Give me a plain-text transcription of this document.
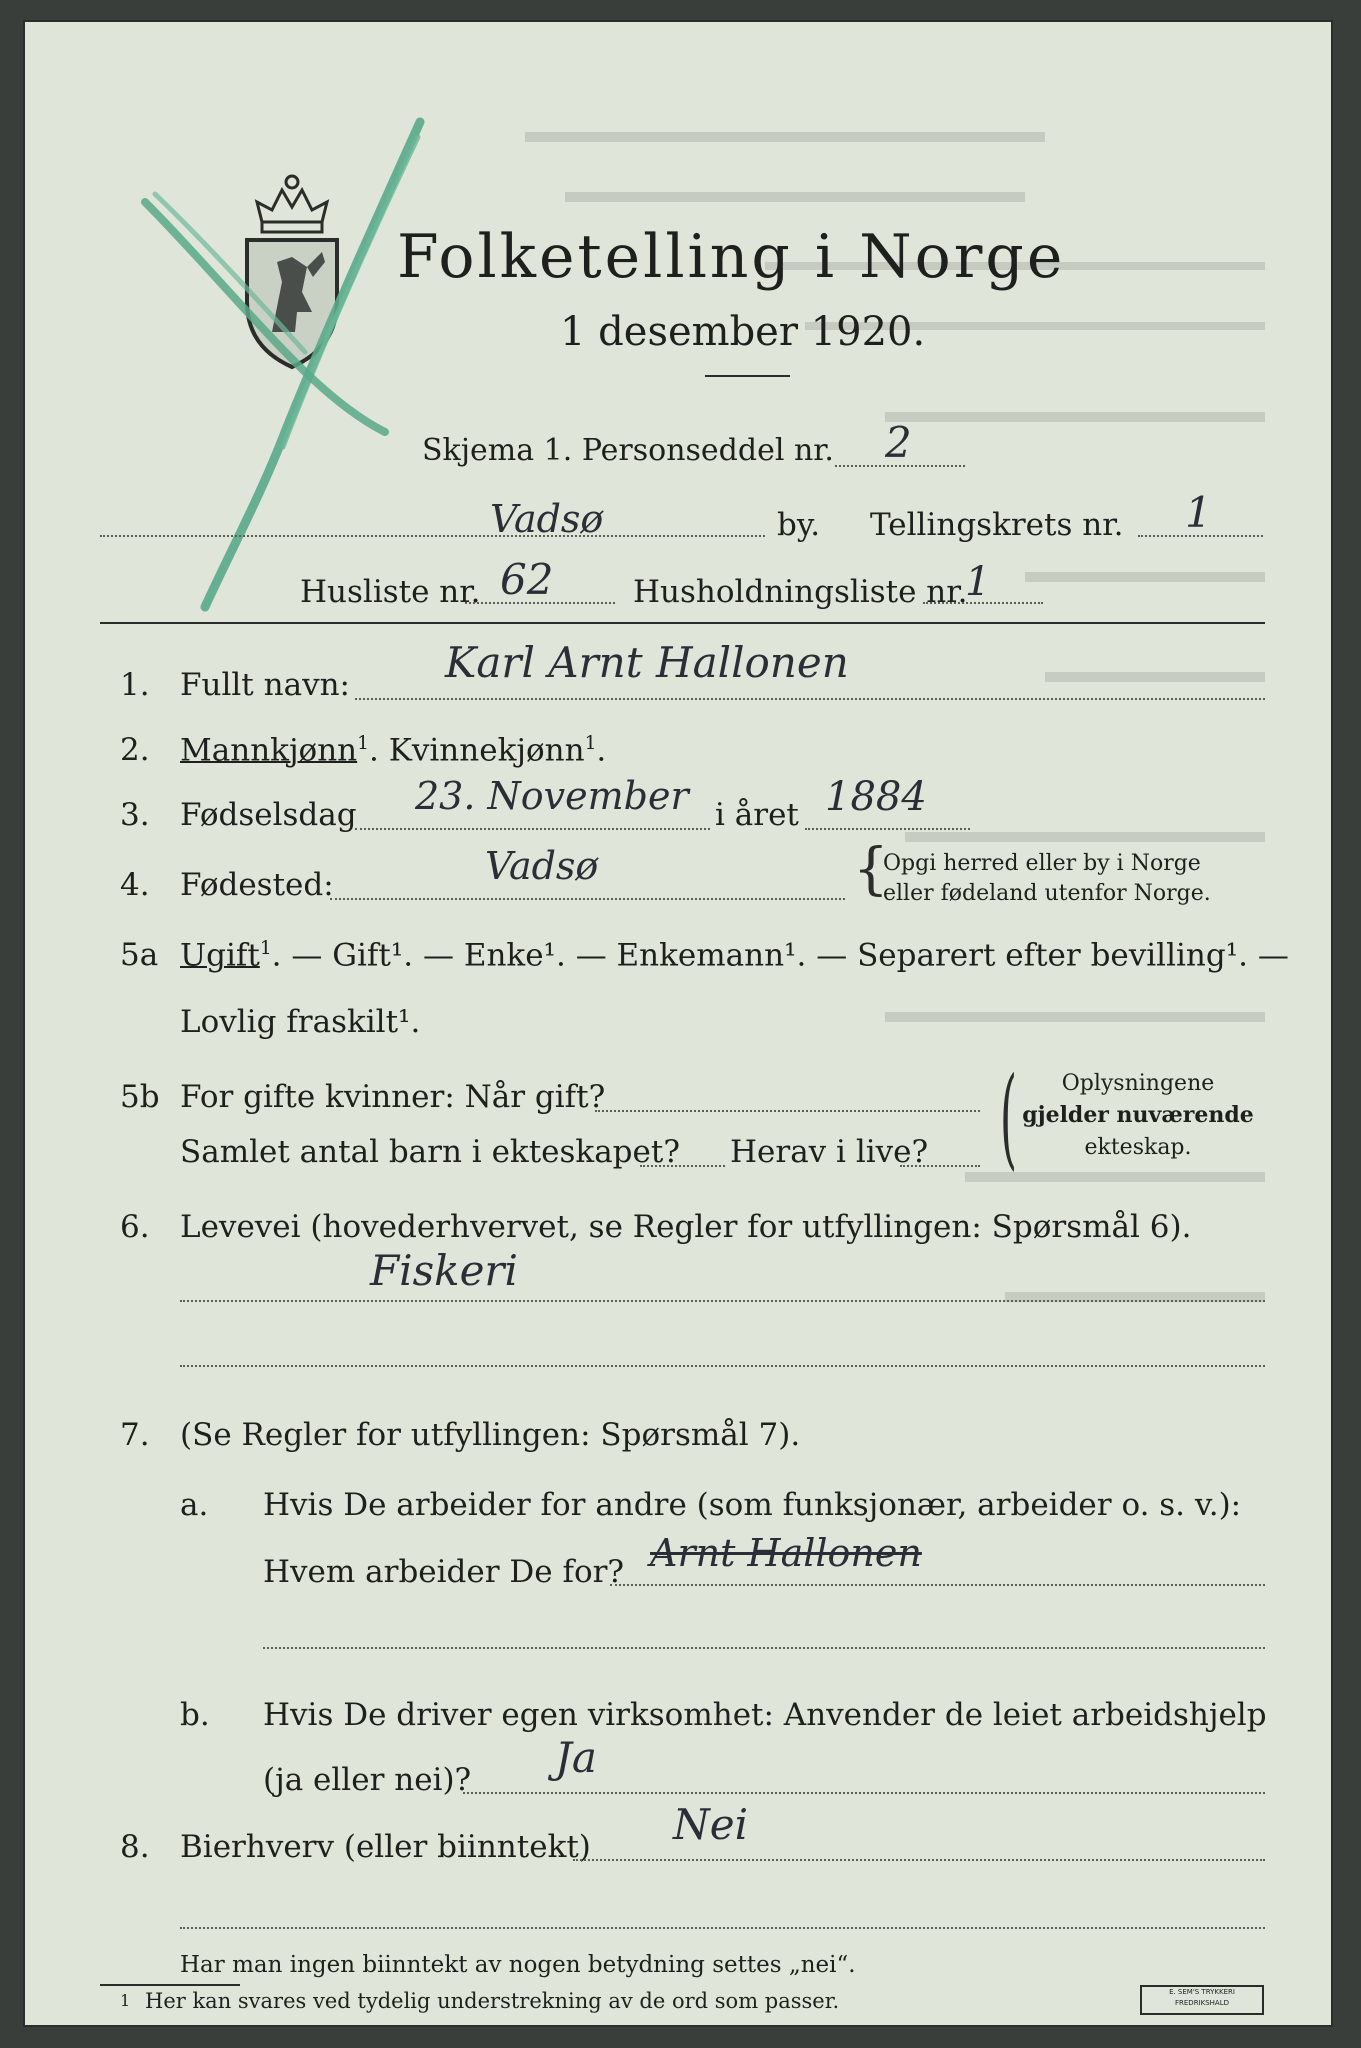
Folketelling i Norge
1 desember 1920.
Skjema 1. Personseddel nr. 2
Vadsø	by. Tellingskrets nr. 1
Husliste nr. 62	Husholdningsliste nr.
1
1. Fullt navn: Karl Arnt Hallonen
2. Mannkjønn$^1$. Kvinnekjønn$^1$.
3. Fødselsdag 23. November i året 1884
4. Fødested:	Vadsø	{
Opgi herred eller by i Norge
eller fødeland utenfor Norge.
5a Ugift$^1$. — Gift¹. — Enke¹. — Enkemann¹. — Separert efter bevilling¹. —
Lovlig fraskilt¹.
5b For gifte kvinner: Når gift?
Samlet antal barn i ekteskapet? Herav i live? (	Oplysningene
gjelder nuværende
ekteskap.
6. Levevei (hovederhvervet, se Regler for utfyllingen: Spørsmål 6).
Fiskeri
7. (Se Regler for utfyllingen: Spørsmål 7).
a. Hvis De arbeider for andre (som funksjonær, arbeider o. s. v.):
Hvem arbeider De for? Arnt Hallonen
b. Hvis De driver egen virksomhet: Anvender de leiet arbeidshjelp
(ja eller nei)? Ja
8. Bierhverv (eller biinntekt) Nei
Har man ingen biinntekt av nogen betydning settes „nei“.
1 Her kan svares ved tydelig understrekning av de ord som passer.	E. SEM'S TRYKKERI FREDRIKSHALD
